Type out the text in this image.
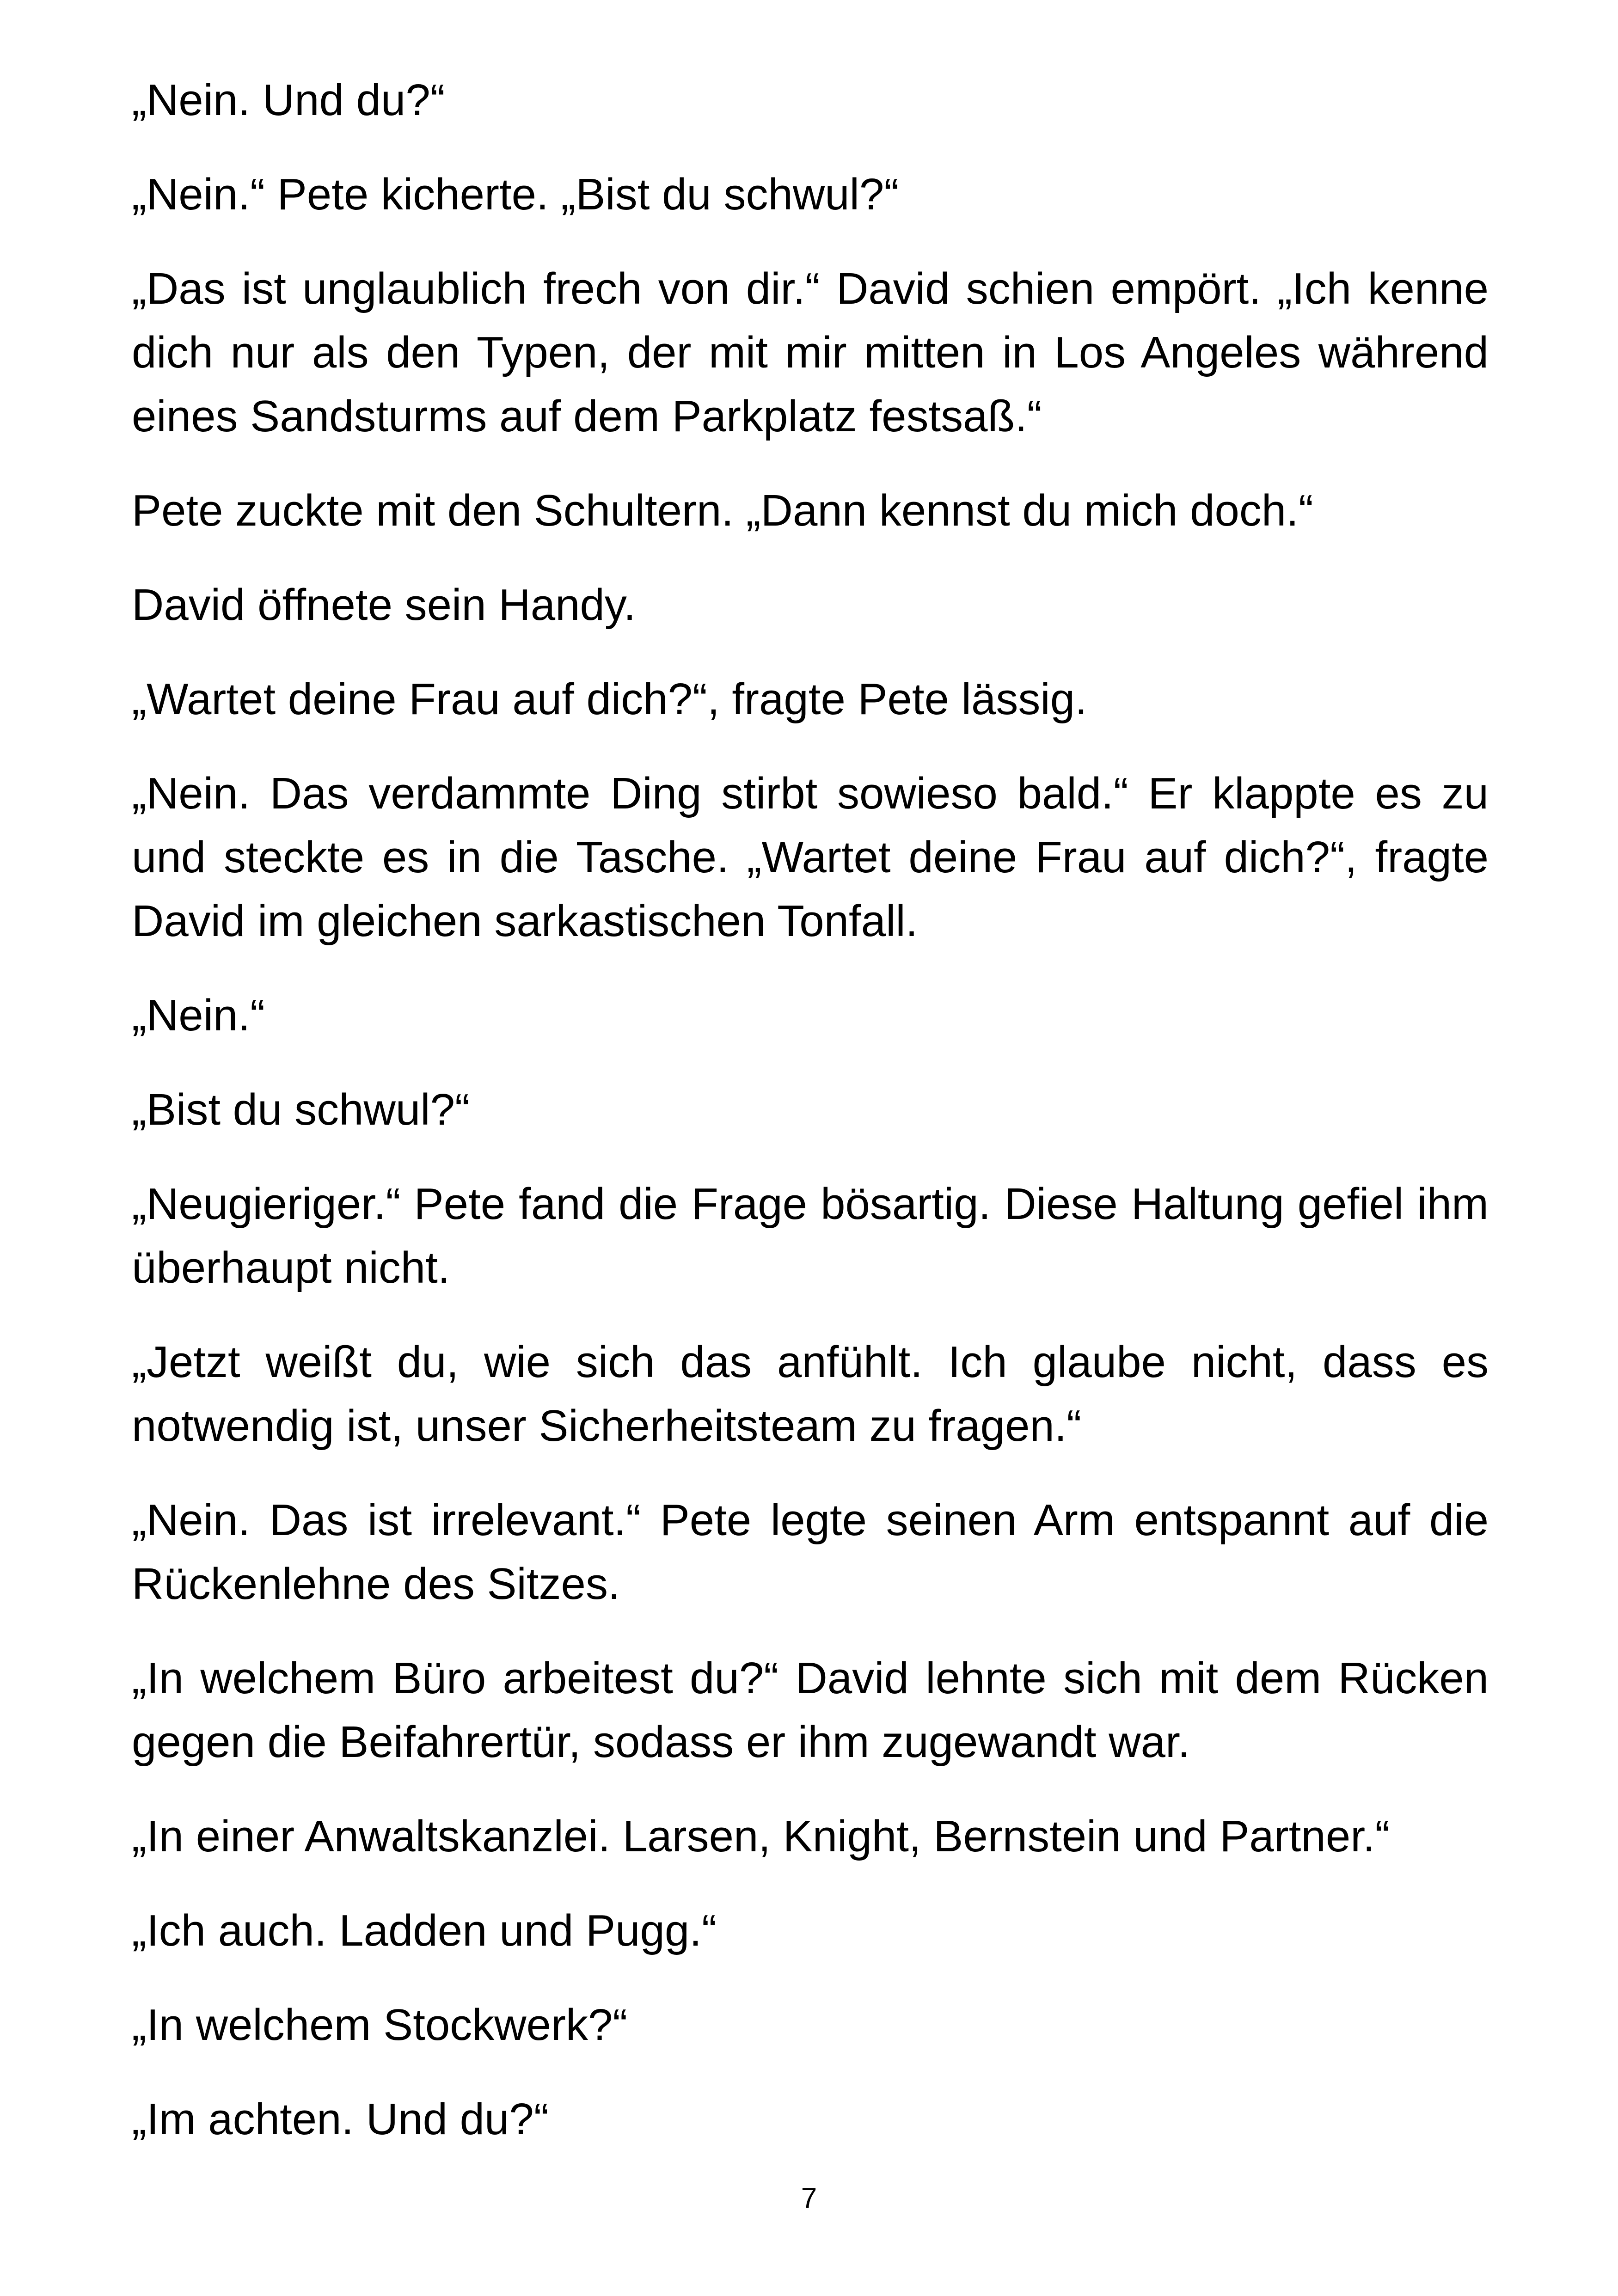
„Nein. Und du?“

„Nein.“ Pete kicherte. „Bist du schwul?“

„Das ist unglaublich frech von dir.“ David schien empört. „Ich kenne dich nur als den Typen, der mit mir mitten in Los Angeles während eines Sandsturms auf dem Parkplatz festsaß.“

Pete zuckte mit den Schultern. „Dann kennst du mich doch.“

David öffnete sein Handy.

„Wartet deine Frau auf dich?“, fragte Pete lässig.

„Nein. Das verdammte Ding stirbt sowieso bald.“ Er klappte es zu und steckte es in die Tasche. „Wartet deine Frau auf dich?“, fragte David im gleichen sarkastischen Tonfall.

„Nein.“

„Bist du schwul?“

„Neugieriger.“ Pete fand die Frage bösartig. Diese Haltung gefiel ihm überhaupt nicht.

„Jetzt weißt du, wie sich das anfühlt. Ich glaube nicht, dass es notwendig ist, unser Sicherheitsteam zu fragen.“

„Nein. Das ist irrelevant.“ Pete legte seinen Arm entspannt auf die Rückenlehne des Sitzes.

„In welchem Büro arbeitest du?“ David lehnte sich mit dem Rücken gegen die Beifahrertür, sodass er ihm zugewandt war.

„In einer Anwaltskanzlei. Larsen, Knight, Bernstein und Partner.“

„Ich auch. Ladden und Pugg.“

„In welchem Stockwerk?“

„Im achten. Und du?“

7
